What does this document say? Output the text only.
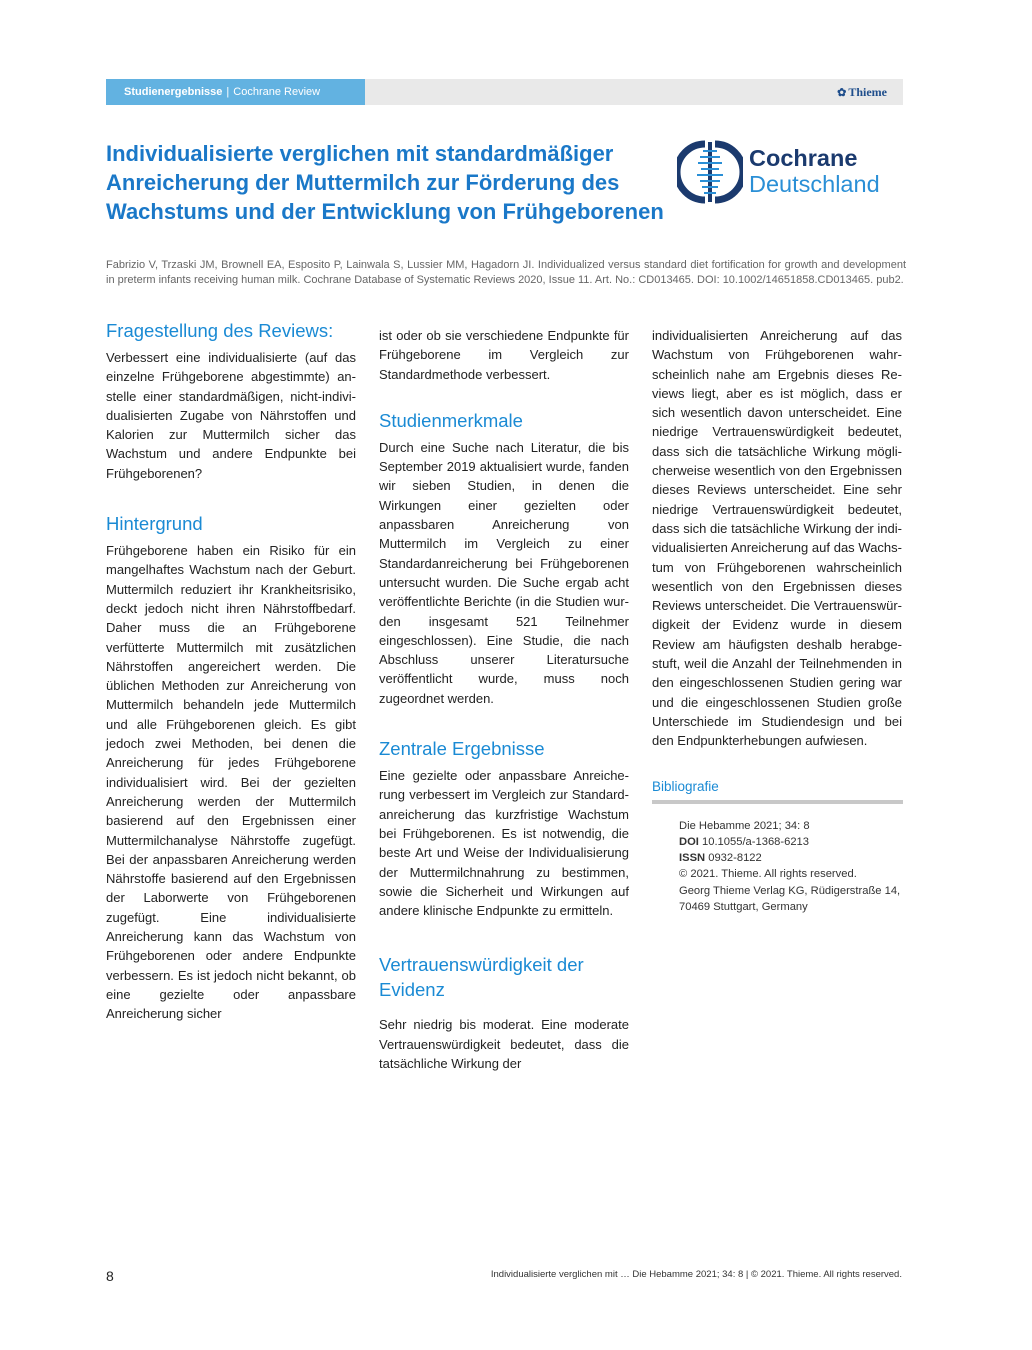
Studienergebnisse | Cochrane Review	✿ Thieme
Individualisierte verglichen mit standardmäßiger
Anreicherung der Muttermilch zur Förderung des
Wachstums und der Entwicklung von Frühgeborenen
Cochrane
Deutschland

Fabrizio V, Trzaski JM, Brownell EA, Esposito P, Lainwala S, Lussier MM, Hagadorn JI. Individualized versus standard diet fortification for growth and development in preterm infants receiving human milk. Cochrane Database of Systematic Reviews 2020, Issue 11. Art. No.: CD013465. DOI: 10.1002/14651858.CD013465. pub2.

Fragestellung des Reviews:

Verbessert eine individualisierte (auf das einzelne Frühgeborene abgestimmte) anstelle einer standardmäßigen, nicht-individualisierten Zugabe von Nährstoffen und Kalorien zur Muttermilch sicher das Wachstum und andere Endpunkte bei Frühgeborenen?

Hintergrund

Frühgeborene haben ein Risiko für ein mangelhaftes Wachstum nach der Geburt. Muttermilch reduziert ihr Krankheitsrisiko, deckt jedoch nicht ihren Nährstoffbedarf. Daher muss die an Frühgeborene verfütterte Muttermilch mit zusätzlichen Nährstoffen angereichert werden. Die üblichen Methoden zur Anreicherung von Muttermilch behandeln jede Muttermilch und alle Frühgeborenen gleich. Es gibt jedoch zwei Methoden, bei denen die Anreicherung für jedes Frühgeborene individualisiert wird. Bei der gezielten Anreicherung werden der Muttermilch basierend auf den Ergebnissen einer Muttermilchanalyse Nährstoffe zugefügt. Bei der anpassbaren Anreicherung werden Nährstoffe basierend auf den Ergebnissen der Laborwerte von Frühgeborenen zugefügt. Eine individualisierte Anreicherung kann das Wachstum von Frühgeborenen oder andere Endpunkte verbessern. Es ist jedoch nicht bekannt, ob eine gezielte oder anpassbare Anreicherung sicher

ist oder ob sie verschiedene Endpunkte für Frühgeborene im Vergleich zur Standardmethode verbessert.

Studienmerkmale

Durch eine Suche nach Literatur, die bis September 2019 aktualisiert wurde, fanden wir sieben Studien, in denen die Wirkungen einer gezielten oder anpassbaren Anreicherung von Muttermilch im Vergleich zu einer Standardanreicherung bei Frühgeborenen untersucht wurden. Die Suche ergab acht veröffentlichte Berichte (in die Studien wurden insgesamt 521 Teilnehmer eingeschlossen). Eine Studie, die nach Abschluss unserer Literatursuche veröffentlicht wurde, muss noch zugeordnet werden.

Zentrale Ergebnisse

Eine gezielte oder anpassbare Anreicherung verbessert im Vergleich zur Standardanreicherung das kurzfristige Wachstum bei Frühgeborenen. Es ist notwendig, die beste Art und Weise der Individualisierung der Muttermilchnahrung zu bestimmen, sowie die Sicherheit und Wirkungen auf andere klinische Endpunkte zu ermitteln.

Vertrauenswürdigkeit der Evidenz

Sehr niedrig bis moderat. Eine moderate Vertrauenswürdigkeit bedeutet, dass die tatsächliche Wirkung der

individualisierten Anreicherung auf das Wachstum von Frühgeborenen wahrscheinlich nahe am Ergebnis dieses Reviews liegt, aber es ist möglich, dass er sich wesentlich davon unterscheidet. Eine niedrige Vertrauenswürdigkeit bedeutet, dass sich die tatsächliche Wirkung möglicherweise wesentlich von den Ergebnissen dieses Reviews unterscheidet. Eine sehr niedrige Vertrauenswürdigkeit bedeutet, dass sich die tatsächliche Wirkung der individualisierten Anreicherung auf das Wachstum von Frühgeborenen wahrscheinlich wesentlich von den Ergebnissen dieses Reviews unterscheidet. Die Vertrauenswürdigkeit der Evidenz wurde in diesem Review am häufigsten deshalb herabgestuft, weil die Anzahl der Teilnehmenden in den eingeschlossenen Studien gering war und die eingeschlossenen Studien große Unterschiede im Studiendesign und bei den Endpunkterhebungen aufwiesen.

Bibliografie
Die Hebamme 2021; 34: 8
DOI 10.1055/a-1368-6213
ISSN 0932-8122
© 2021. Thieme. All rights reserved.
Georg Thieme Verlag KG, Rüdigerstraße 14,
70469 Stuttgart, Germany
8	Individualisierte verglichen mit … Die Hebamme 2021; 34: 8 | © 2021. Thieme. All rights reserved.
